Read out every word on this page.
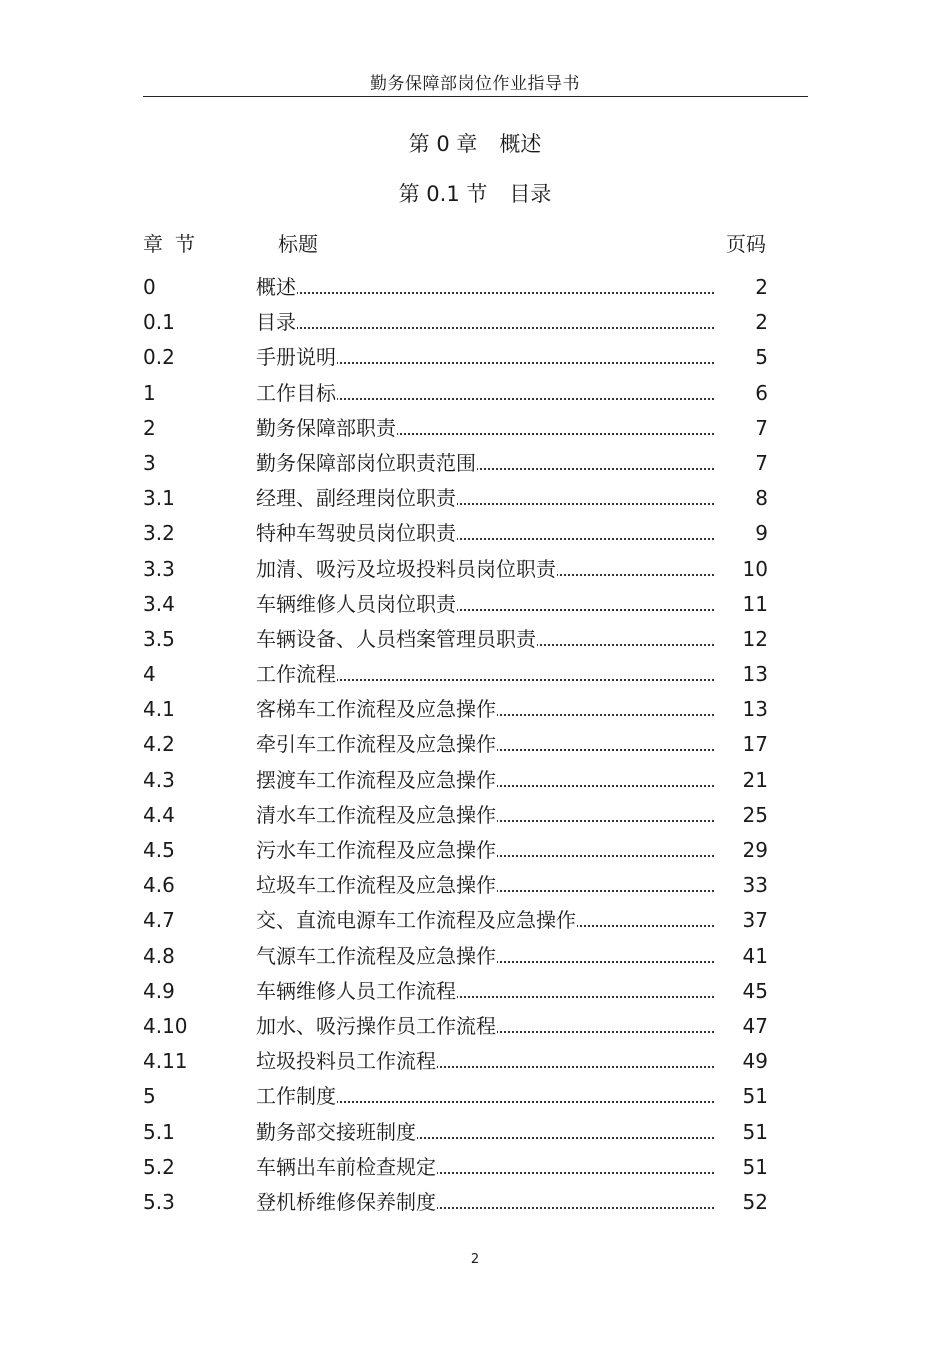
勤务保障部岗位作业指导书
第 0 章 概述
第 0.1 节 目录
章节	标题	页码
0	概述	2
0.1	目录	2
0.2	手册说明	5
1	工作目标	6
2	勤务保障部职责	7
3	勤务保障部岗位职责范围	7
3.1	经理、副经理岗位职责	8
3.2	特种车驾驶员岗位职责	9
3.3	加清、吸污及垃圾投料员岗位职责	10
3.4	车辆维修人员岗位职责	11
3.5	车辆设备、人员档案管理员职责	12
4	工作流程	13
4.1	客梯车工作流程及应急操作	13
4.2	牵引车工作流程及应急操作	17
4.3	摆渡车工作流程及应急操作	21
4.4	清水车工作流程及应急操作	25
4.5	污水车工作流程及应急操作	29
4.6	垃圾车工作流程及应急操作	33
4.7	交、直流电源车工作流程及应急操作	37
4.8	气源车工作流程及应急操作	41
4.9	车辆维修人员工作流程	45
4.10	加水、吸污操作员工作流程	47
4.11	垃圾投料员工作流程	49
5	工作制度	51
5.1	勤务部交接班制度	51
5.2	车辆出车前检查规定	51
5.3	登机桥维修保养制度	52
2
